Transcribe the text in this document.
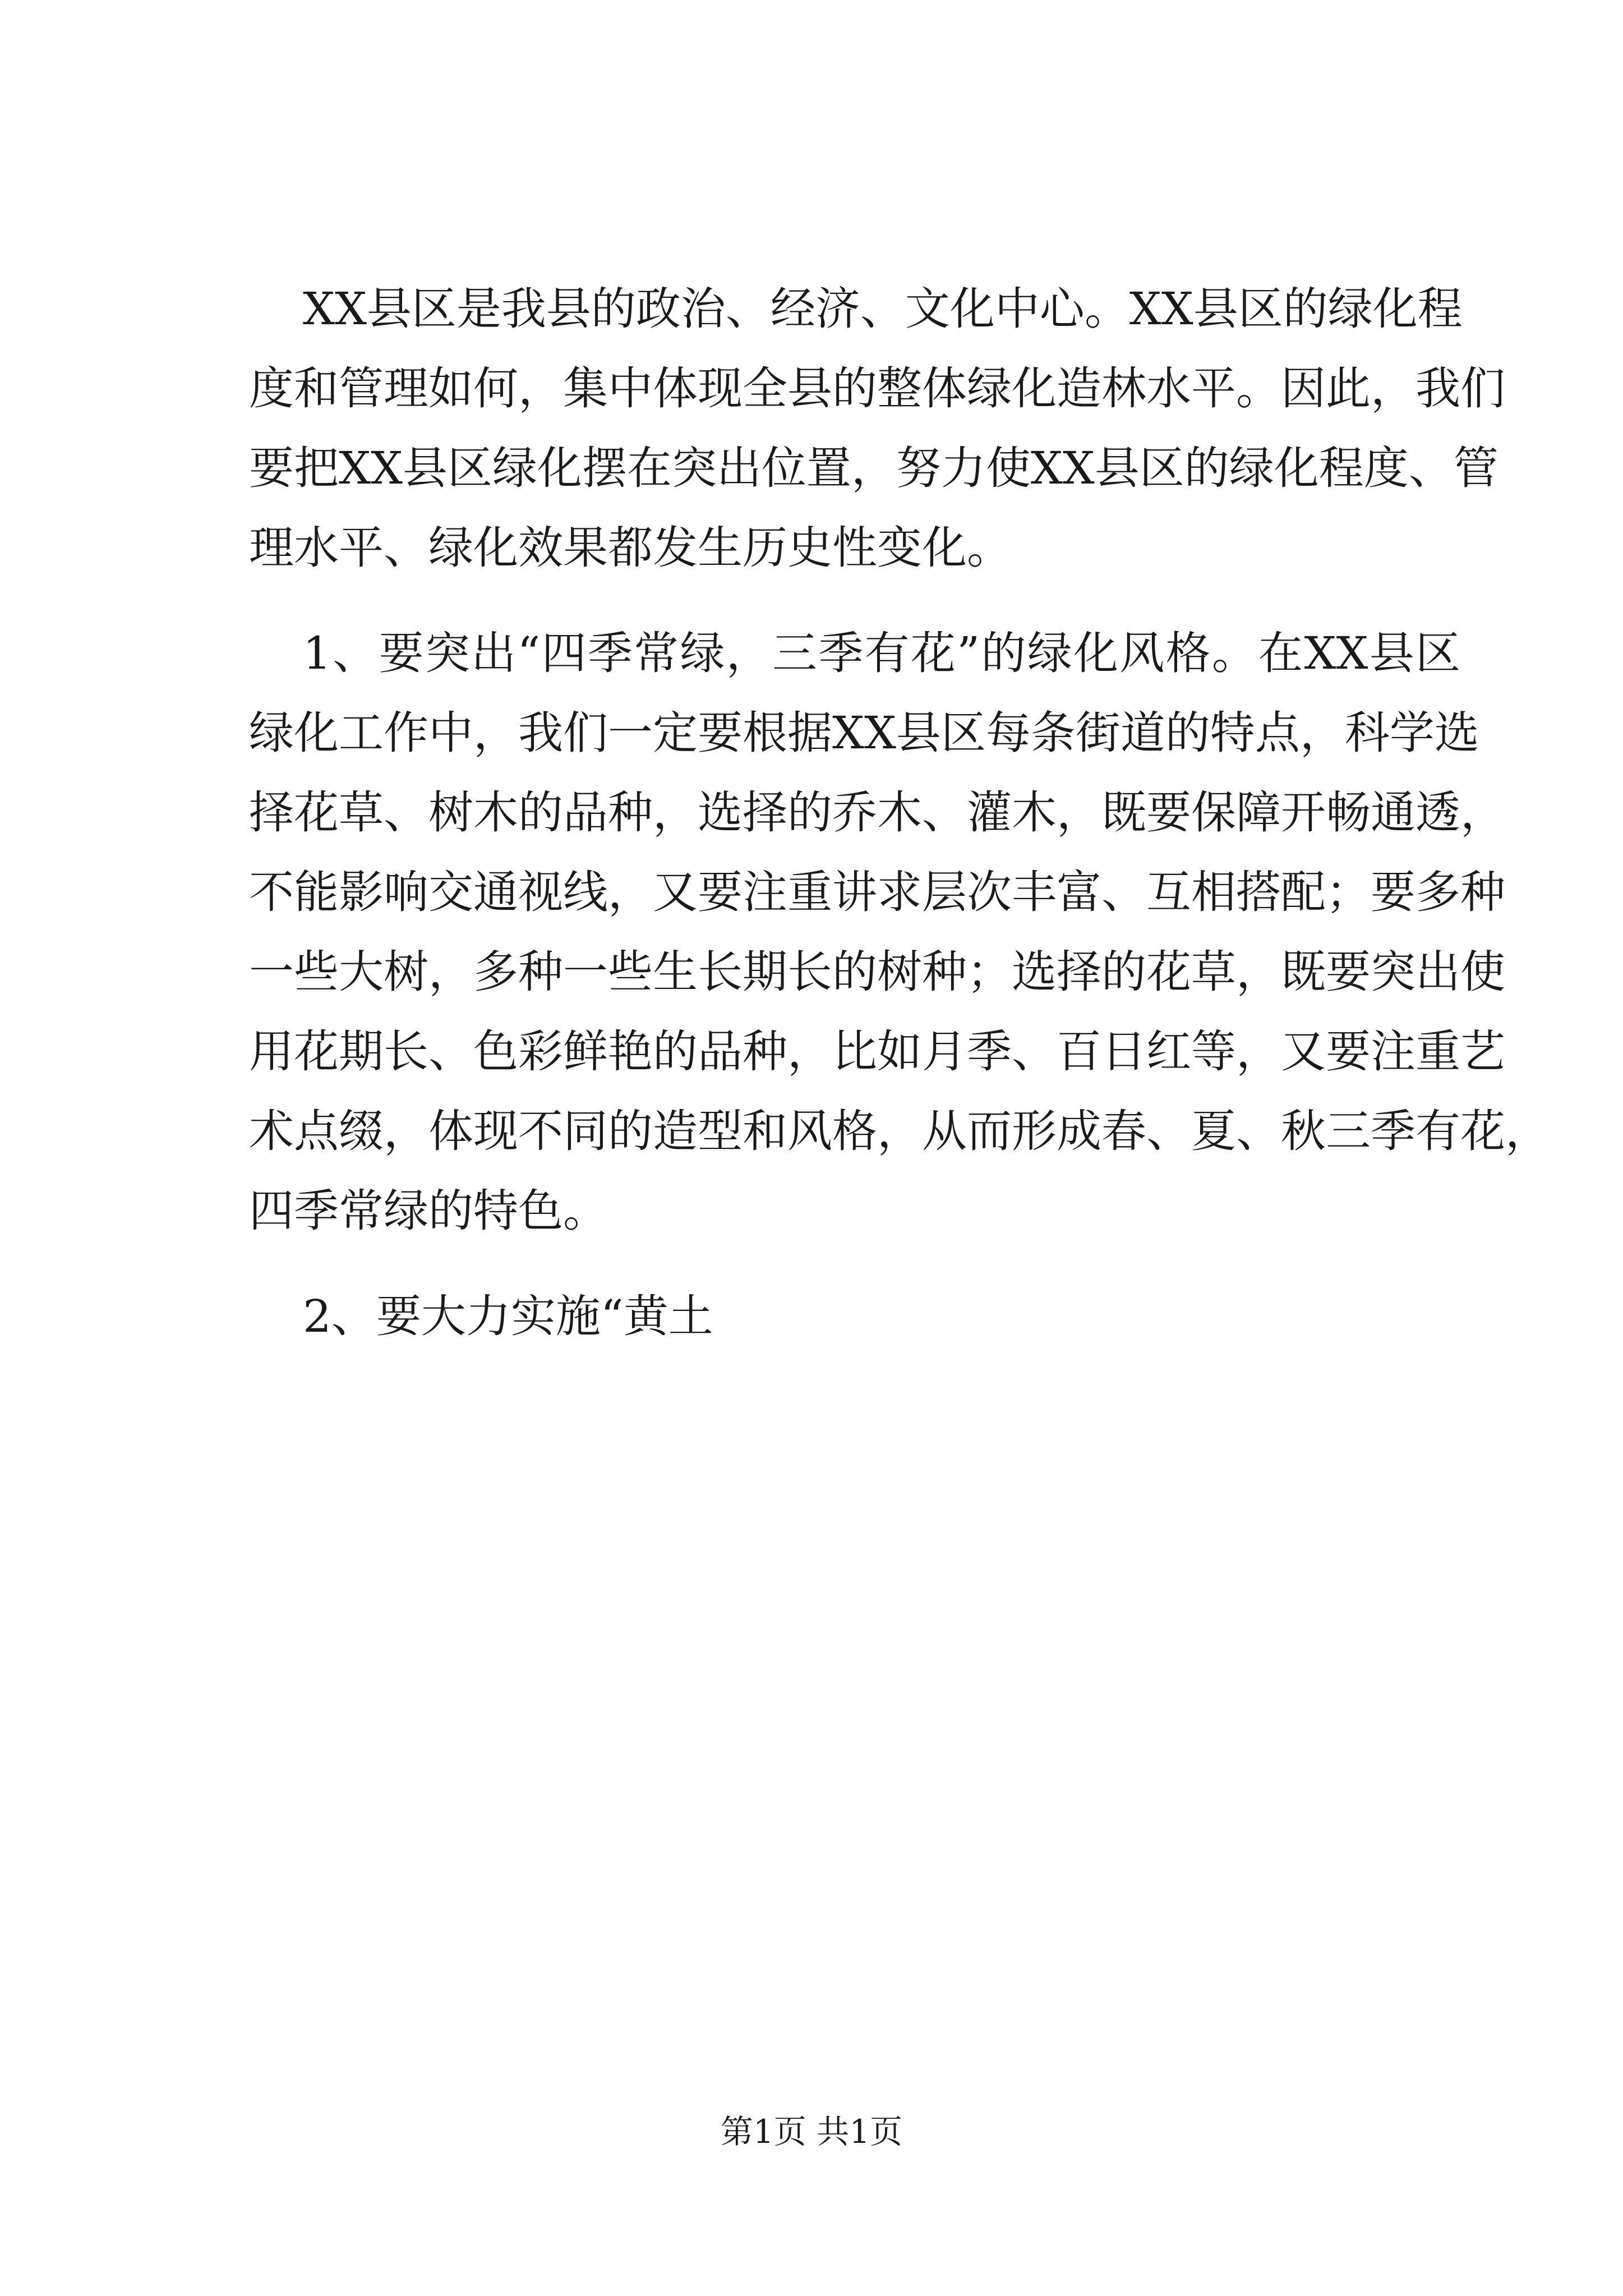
XX县区是我县的政治、经济、文化中心。XX县区的绿化程
度和管理如何，集中体现全县的整体绿化造林水平。因此，我们
要把XX县区绿化摆在突出位置，努力使XX县区的绿化程度、管
理水平、绿化效果都发生历史性变化。

1、要突出“四季常绿，三季有花”的绿化风格。在XX县区
绿化工作中，我们一定要根据XX县区每条街道的特点，科学选
择花草、树木的品种，选择的乔木、灌木，既要保障开畅通透，
不能影响交通视线，又要注重讲求层次丰富、互相搭配；要多种
一些大树，多种一些生长期长的树种；选择的花草，既要突出使
用花期长、色彩鲜艳的品种，比如月季、百日红等，又要注重艺
术点缀，体现不同的造型和风格，从而形成春、夏、秋三季有花，
四季常绿的特色。

2、要大力实施“黄土

第1页 共1页
